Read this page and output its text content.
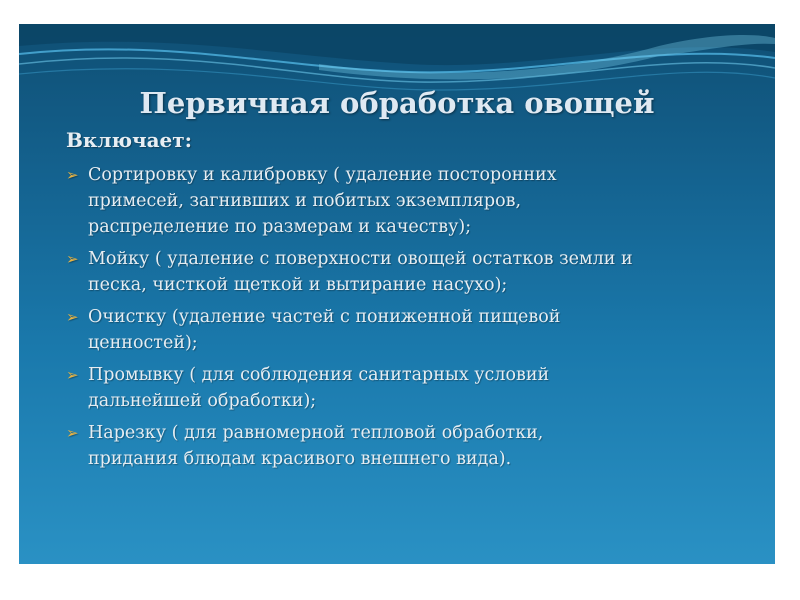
Первичная обработка овощей
Включает:
➢ Сортировку и калибровку ( удаление посторонних
примесей, загнивших и побитых экземпляров,
распределение по размерам и качеству);
➢ Мойку ( удаление с поверхности овощей остатков земли и
песка, чисткой щеткой и вытирание насухо);
➢ Очистку (удаление частей с пониженной пищевой
ценностей);
➢ Промывку ( для соблюдения санитарных условий
дальнейшей обработки);
➢ Нарезку ( для равномерной тепловой обработки,
придания блюдам красивого внешнего вида).
